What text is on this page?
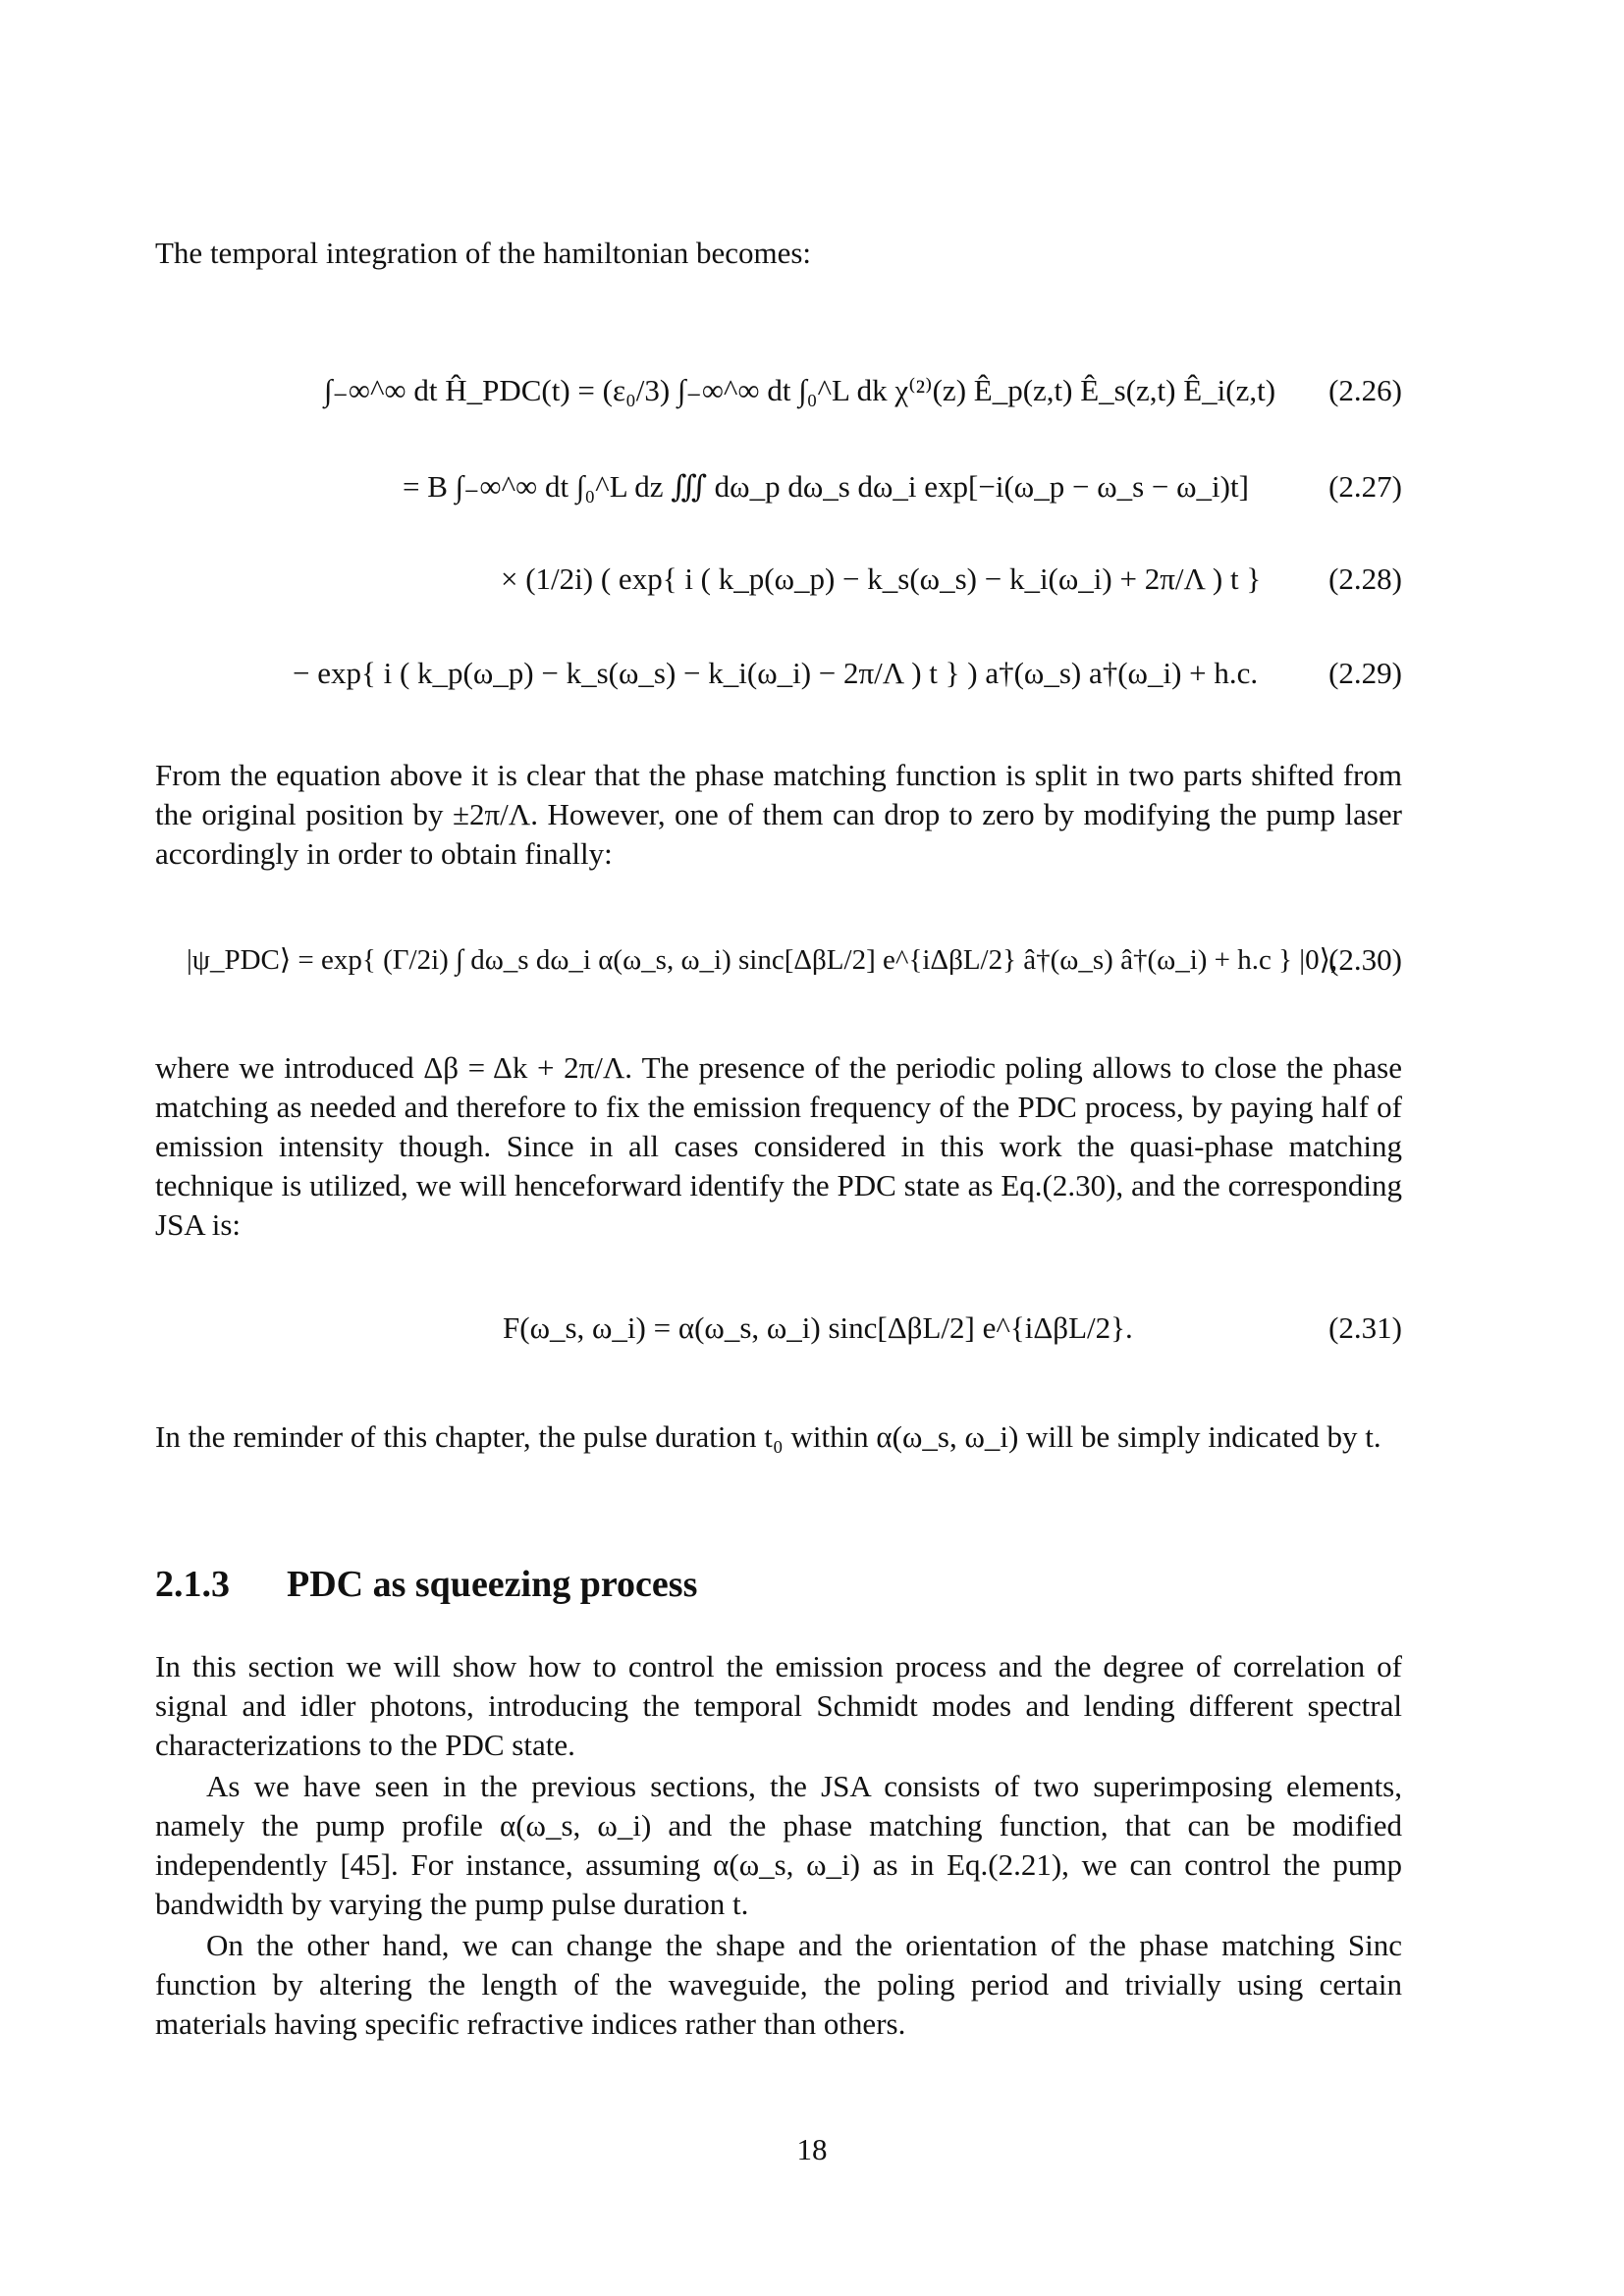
The temporal integration of the hamiltonian becomes:
∫₋∞^∞ dt Ĥ_PDC(t) = (ε₀/3) ∫₋∞^∞ dt ∫₀^L dk χ⁽²⁾(z) Ê_p(z,t) Ê_s(z,t) Ê_i(z,t) (2.26)
= B ∫₋∞^∞ dt ∫₀^L dz ∭ dω_p dω_s dω_i exp[−i(ω_p − ω_s − ω_i)t]	(2.27)
× (1/2i) ( exp{ i ( k_p(ω_p) − k_s(ω_s) − k_i(ω_i) + 2π/Λ ) t } (2.28)
− exp{ i ( k_p(ω_p) − k_s(ω_s) − k_i(ω_i) − 2π/Λ ) t } ) a†(ω_s) a†(ω_i) + h.c. (2.29)
From the equation above it is clear that the phase matching function is split in two parts shifted from the original position by ±2π/Λ. However, one of them can drop to zero by modifying the pump laser accordingly in order to obtain finally:
|ψ_PDC⟩ = exp{ (Γ/2i) ∫ dω_s dω_i α(ω_s, ω_i) sinc[ΔβL/2] e^{iΔβL/2} â†(ω_s) â†(ω_i) + h.c } |0⟩,
(2.30)
where we introduced Δβ = Δk + 2π/Λ. The presence of the periodic poling allows to close the phase matching as needed and therefore to fix the emission frequency of the PDC process, by paying half of emission intensity though. Since in all cases considered in this work the quasi-phase matching technique is utilized, we will henceforward identify the PDC state as Eq.(2.30), and the corresponding JSA is:
F(ω_s, ω_i) = α(ω_s, ω_i) sinc[ΔβL/2] e^{iΔβL/2}.	(2.31)
In the reminder of this chapter, the pulse duration t₀ within α(ω_s, ω_i) will be simply indicated by t.
2.1.3 PDC as squeezing process
In this section we will show how to control the emission process and the degree of correlation of signal and idler photons, introducing the temporal Schmidt modes and lending different spectral characterizations to the PDC state.
As we have seen in the previous sections, the JSA consists of two superimposing elements, namely the pump profile α(ω_s, ω_i) and the phase matching function, that can be modified independently [45]. For instance, assuming α(ω_s, ω_i) as in Eq.(2.21), we can control the pump bandwidth by varying the pump pulse duration t.
On the other hand, we can change the shape and the orientation of the phase matching Sinc function by altering the length of the waveguide, the poling period and trivially using certain materials having specific refractive indices rather than others.
18
